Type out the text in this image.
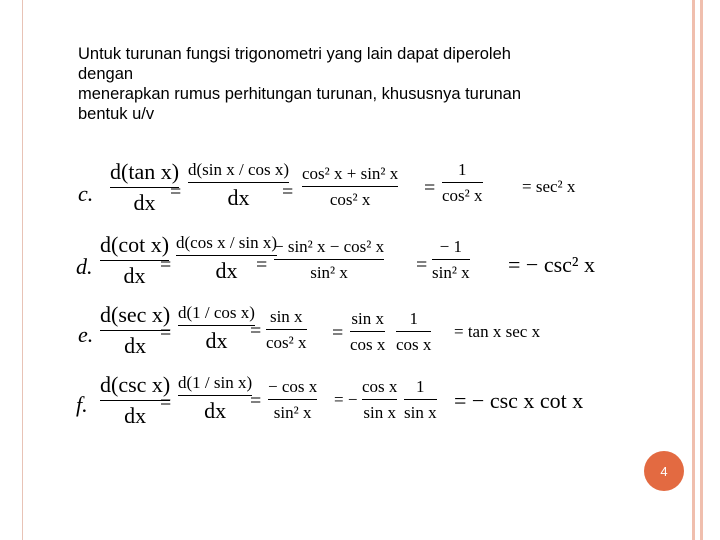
Untuk turunan fungsi trigonometri yang lain dapat diperoleh
dengan
menerapkan rumus perhitungan turunan, khususnya turunan
bentuk u/v
c.
d(tan x)
dx =
d(sin x / cos x)
dx =
cos² x + sin² x
cos² x
=
1
cos² x = sec² x
d.
d(cot x)
dx =
d(cos x / sin x)
dx =
− sin² x − cos² x
sin² x	=
− 1
sin² x = − csc² x
e.
d(sec x)
dx
=
d(1 / cos x)
dx =
sin x
cos² x =
sin x
cos x
1
cos x
= tan x sec x
f.
d(csc x)
dx
=
d(1 / sin x)
dx =
− cos x
sin² x
= −
cos x
sin x
1
sin x = − csc x cot x
4
